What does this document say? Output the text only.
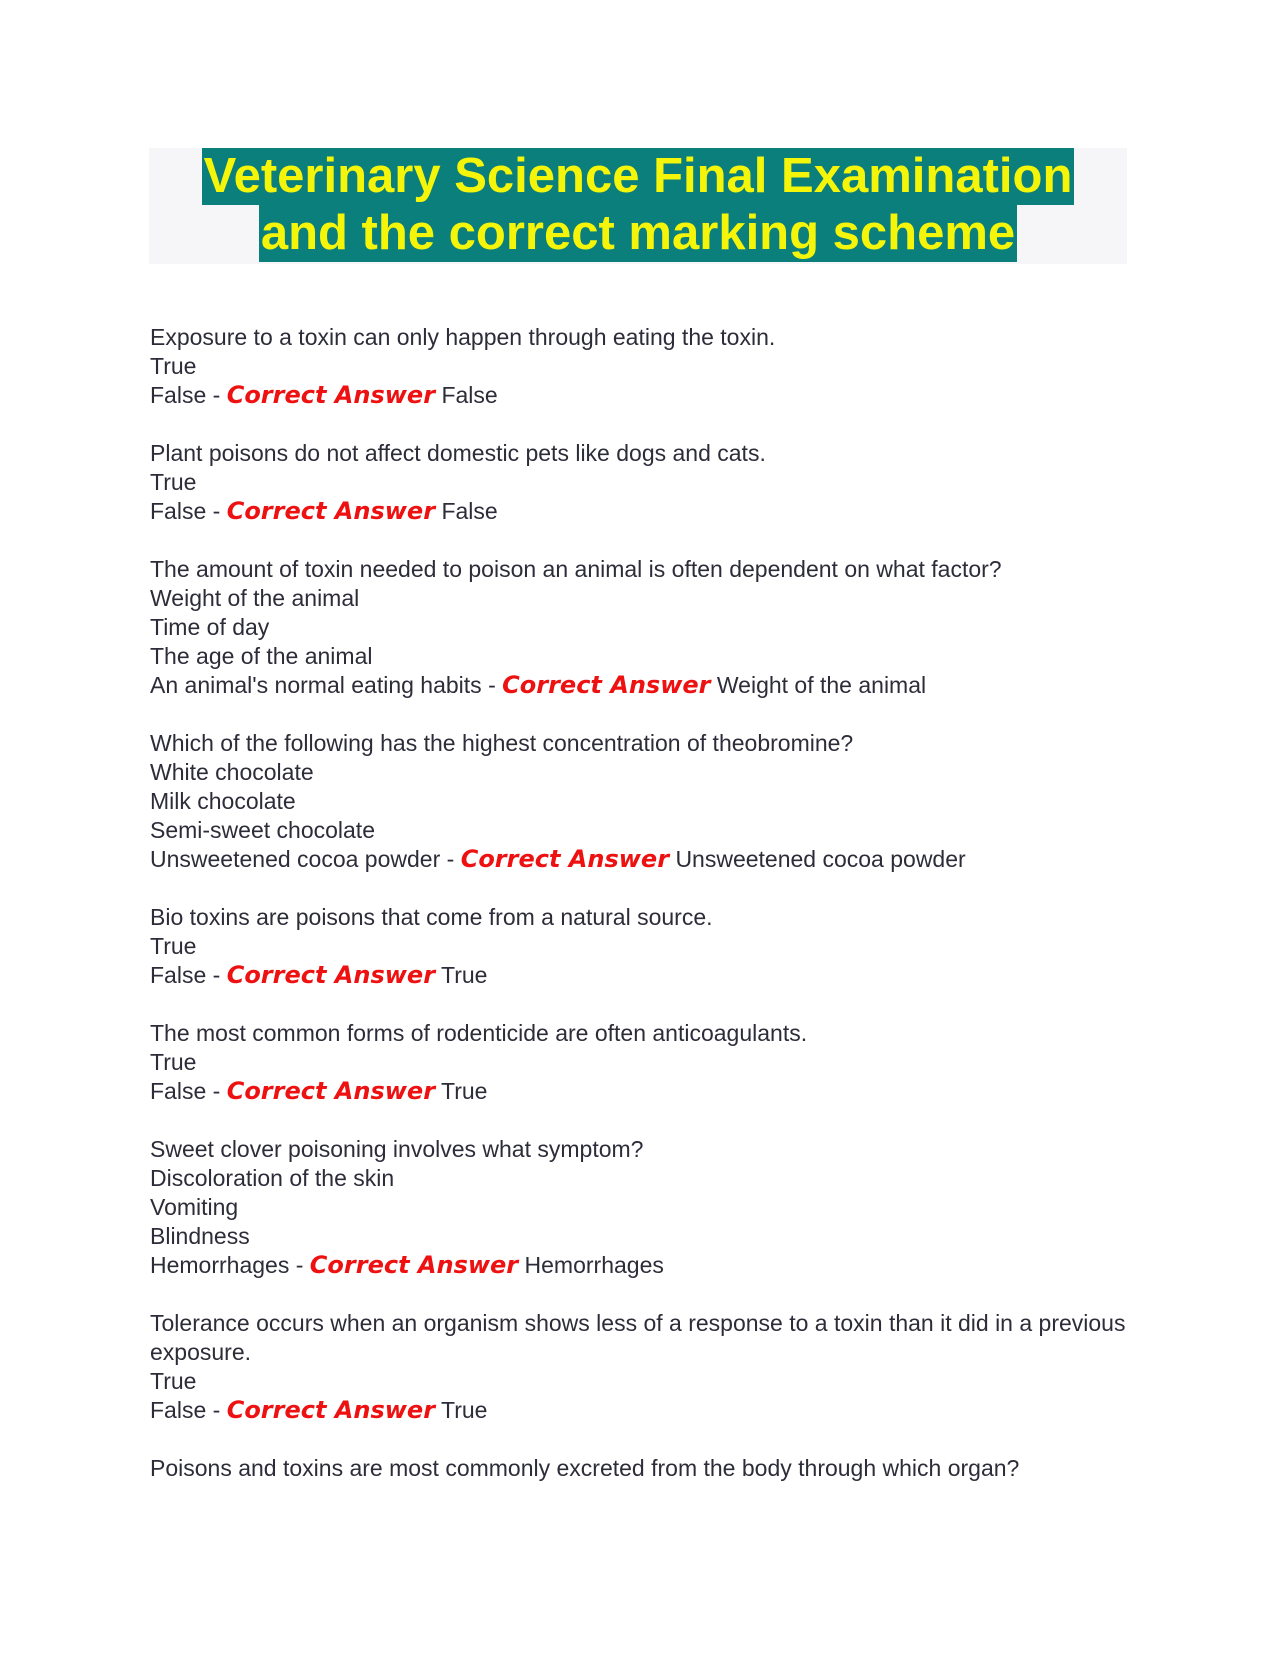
Veterinary Science Final Examination
and the correct marking scheme
Exposure to a toxin can only happen through eating the toxin.
True
False - Correct Answer False
Plant poisons do not affect domestic pets like dogs and cats.
True
False - Correct Answer False
The amount of toxin needed to poison an animal is often dependent on what factor?
Weight of the animal
Time of day
The age of the animal
An animal's normal eating habits - Correct Answer Weight of the animal
Which of the following has the highest concentration of theobromine?
White chocolate
Milk chocolate
Semi-sweet chocolate
Unsweetened cocoa powder - Correct Answer Unsweetened cocoa powder
Bio toxins are poisons that come from a natural source.
True
False - Correct Answer True
The most common forms of rodenticide are often anticoagulants.
True
False - Correct Answer True
Sweet clover poisoning involves what symptom?
Discoloration of the skin
Vomiting
Blindness
Hemorrhages - Correct Answer Hemorrhages
Tolerance occurs when an organism shows less of a response to a toxin than it did in a previous exposure.
True
False - Correct Answer True
Poisons and toxins are most commonly excreted from the body through which organ?
